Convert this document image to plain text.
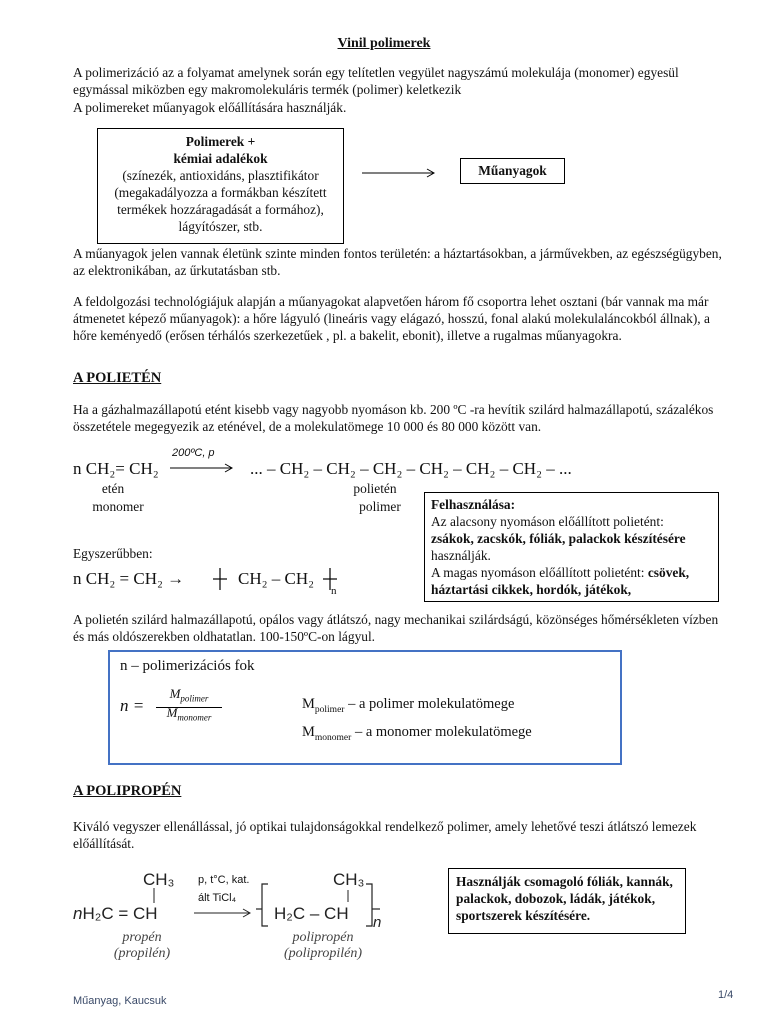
Vinil polimerek
A polimerizáció az a folyamat amelynek során egy telítetlen vegyület nagyszámú molekulája (monomer) egyesül egymással miközben egy makromolekuláris termék (polimer) keletkezik
A polimereket műanyagok előállítására használják.
Polimerek +
kémiai adalékok
(színezék, antioxidáns, plasztifikátor (megakadályozza a formákban készített termékek hozzáragadását a formához), lágyítószer, stb.
Műanyagok
A műanyagok jelen vannak életünk szinte minden fontos területén: a háztartásokban, a járművekben, az egészségügyben, az elektronikában, az űrkutatásban stb.
A feldolgozási technológiájuk alapján a műanyagokat alapvetően három fő csoportra lehet osztani (bár vannak ma már átmenetet képező műanyagok): a hőre lágyuló (lineáris vagy elágazó, hosszú, fonal alakú molekulaláncokból állnak), a hőre keményedő (erősen térhálós szerkezetűek , pl. a bakelit, ebonit), illetve a rugalmas műanyagokra.
A POLIETÉN
Ha a gázhalmazállapotú etént kisebb vagy nagyobb nyomáson kb. 200 ºC -ra hevítik szilárd halmazállapotú, százalékos összetétele megegyezik az eténével, de a molekulatömege 10 000 és 80 000 között van.
n CH₂= CH₂
200ºC, p
... – CH₂ – CH₂ – CH₂ – CH₂ – CH₂ – CH₂ – ...
etén
monomer
polietén
polimer	Felhasználása:
Az alacsony nyomáson előállított polietént:
zsákok, zacskók, fóliák, palackok készítésére
használják.
A magas nyomáson előállított polietént: csövek,
háztartási cikkek, hordók, játékok,
Egyszerűbben:
n CH₂ = CH₂ →	CH₂ – CH₂
n
A polietén szilárd halmazállapotú, opálos vagy átlátszó, nagy mechanikai szilárdságú, közönséges hőmérsékleten vízben és más oldószerekben oldhatatlan. 100-150ºC-on lágyul.
n – polimerizációs fok
n =
$M_{polimer}$
$M_{monomer}$
$M_{polimer}$ – a polimer molekulatömege
$M_{monomer}$ – a monomer molekulatömege
A POLIPROPÉN
Kiváló vegyszer ellenállással, jó optikai tulajdonságokkal rendelkező polimer, amely lehetővé teszi átlátszó lemezek előállítását.
CH₃
nH₂C = CH
p, t°C, kat.
ált TiCl₄
CH₃
H₂C – CH n
propén
(propilén)
polipropén
(polipropilén)
Használják csomagoló fóliák, kannák, palackok, dobozok, ládák, játékok, sportszerek készítésére.
Műanyag, Kaucsuk	1/4
